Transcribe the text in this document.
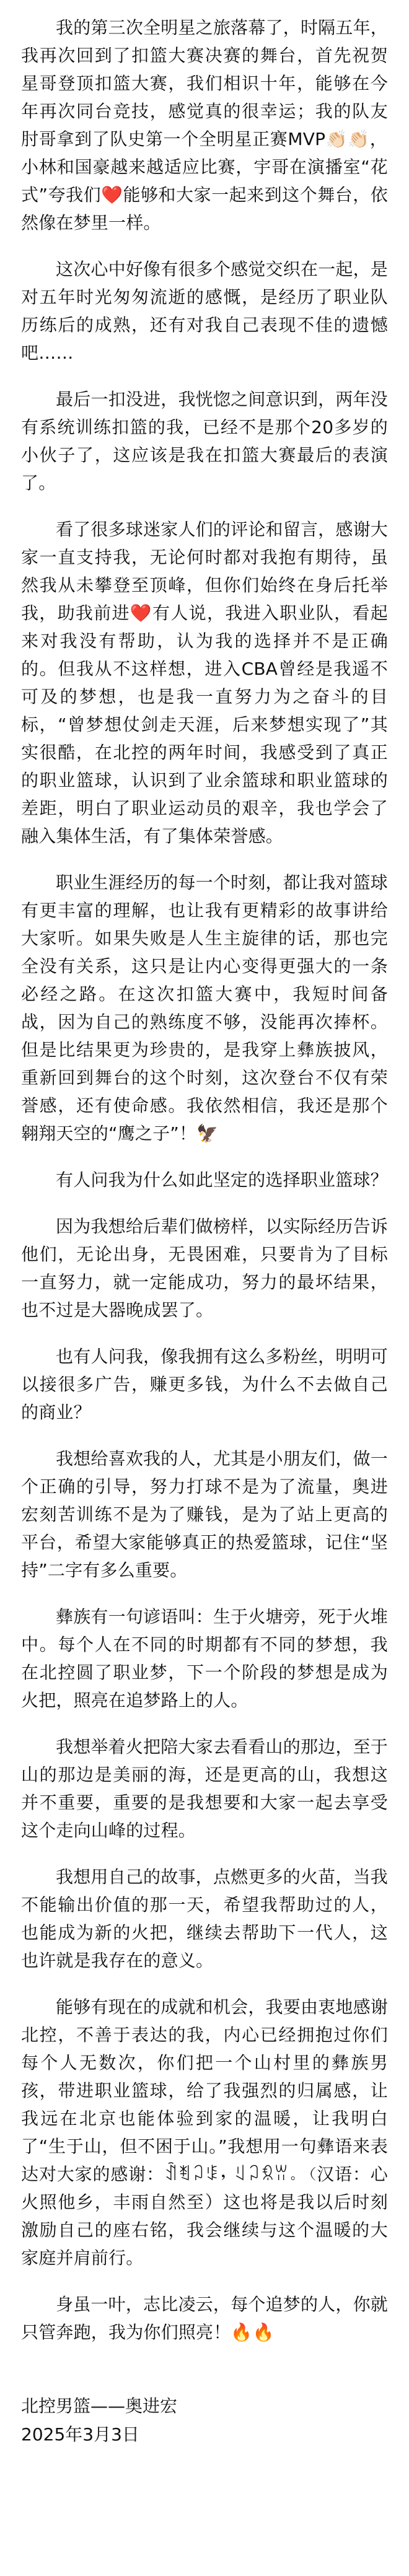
我的第三次全明星之旅落幕了，时隔五年，我再次回到了扣篮大赛决赛的舞台，首先祝贺星哥登顶扣篮大赛，我们相识十年，能够在今年再次同台竞技，感觉真的很幸运；我的队友肘哥拿到了队史第一个全明星正赛MVP👏🏻👏🏻，小林和国豪越来越适应比赛，宇哥在演播室“花式”夸我们❤️能够和大家一起来到这个舞台，依然像在梦里一样。

这次心中好像有很多个感觉交织在一起，是对五年时光匆匆流逝的感慨，是经历了职业队历练后的成熟，还有对我自己表现不佳的遗憾吧……

最后一扣没进，我恍惚之间意识到，两年没有系统训练扣篮的我，已经不是那个20多岁的小伙子了，这应该是我在扣篮大赛最后的表演了。

看了很多球迷家人们的评论和留言，感谢大家一直支持我，无论何时都对我抱有期待，虽然我从未攀登至顶峰，但你们始终在身后托举我，助我前进❤️有人说，我进入职业队，看起来对我没有帮助，认为我的选择并不是正确的。但我从不这样想，进入CBA曾经是我遥不可及的梦想，也是我一直努力为之奋斗的目标，“曾梦想仗剑走天涯，后来梦想实现了”其实很酷，在北控的两年时间，我感受到了真正的职业篮球，认识到了业余篮球和职业篮球的差距，明白了职业运动员的艰辛，我也学会了融入集体生活，有了集体荣誉感。

职业生涯经历的每一个时刻，都让我对篮球有更丰富的理解，也让我有更精彩的故事讲给大家听。如果失败是人生主旋律的话，那也完全没有关系，这只是让内心变得更强大的一条必经之路。在这次扣篮大赛中，我短时间备战，因为自己的熟练度不够，没能再次捧杯。但是比结果更为珍贵的，是我穿上彝族披风，重新回到舞台的这个时刻，这次登台不仅有荣誉感，还有使命感。我依然相信，我还是那个翱翔天空的“鹰之子”！🦅

有人问我为什么如此坚定的选择职业篮球？

因为我想给后辈们做榜样，以实际经历告诉他们，无论出身，无畏困难，只要肯为了目标一直努力，就一定能成功，努力的最坏结果，也不过是大器晚成罢了。

也有人问我，像我拥有这么多粉丝，明明可以接很多广告，赚更多钱，为什么不去做自己的商业？

我想给喜欢我的人，尤其是小朋友们，做一个正确的引导，努力打球不是为了流量，奥进宏刻苦训练不是为了赚钱，是为了站上更高的平台，希望大家能够真正的热爱篮球，记住“坚持”二字有多么重要。

彝族有一句谚语叫：生于火塘旁，死于火堆中。每个人在不同的时期都有不同的梦想，我在北控圆了职业梦，下一个阶段的梦想是成为火把，照亮在追梦路上的人。

我想举着火把陪大家去看看山的那边，至于山的那边是美丽的海，还是更高的山，我想这并不重要，重要的是我想要和大家一起去享受这个走向山峰的过程。

我想用自己的故事，点燃更多的火苗，当我不能输出价值的那一天，希望我帮助过的人，也能成为新的火把，继续去帮助下一代人，这也许就是我存在的意义。

能够有现在的成就和机会，我要由衷地感谢北控，不善于表达的我，内心已经拥抱过你们每个人无数次，你们把一个山村里的彝族男孩，带进职业篮球，给了我强烈的归属感，让我远在北京也能体验到家的温暖，让我明白了“生于山，但不困于山。”我想用一句彝语来表达对大家的感谢：ꀉꄮꃀꌐ，ꆹꃀꉿꀕ。（汉语：心火照他乡，丰雨自然至）这也将是我以后时刻激励自己的座右铭，我会继续与这个温暖的大家庭并肩前行。

身虽一叶，志比凌云，每个追梦的人，你就只管奔跑，我为你们照亮！🔥🔥

北控男篮——奥进宏
2025年3月3日
